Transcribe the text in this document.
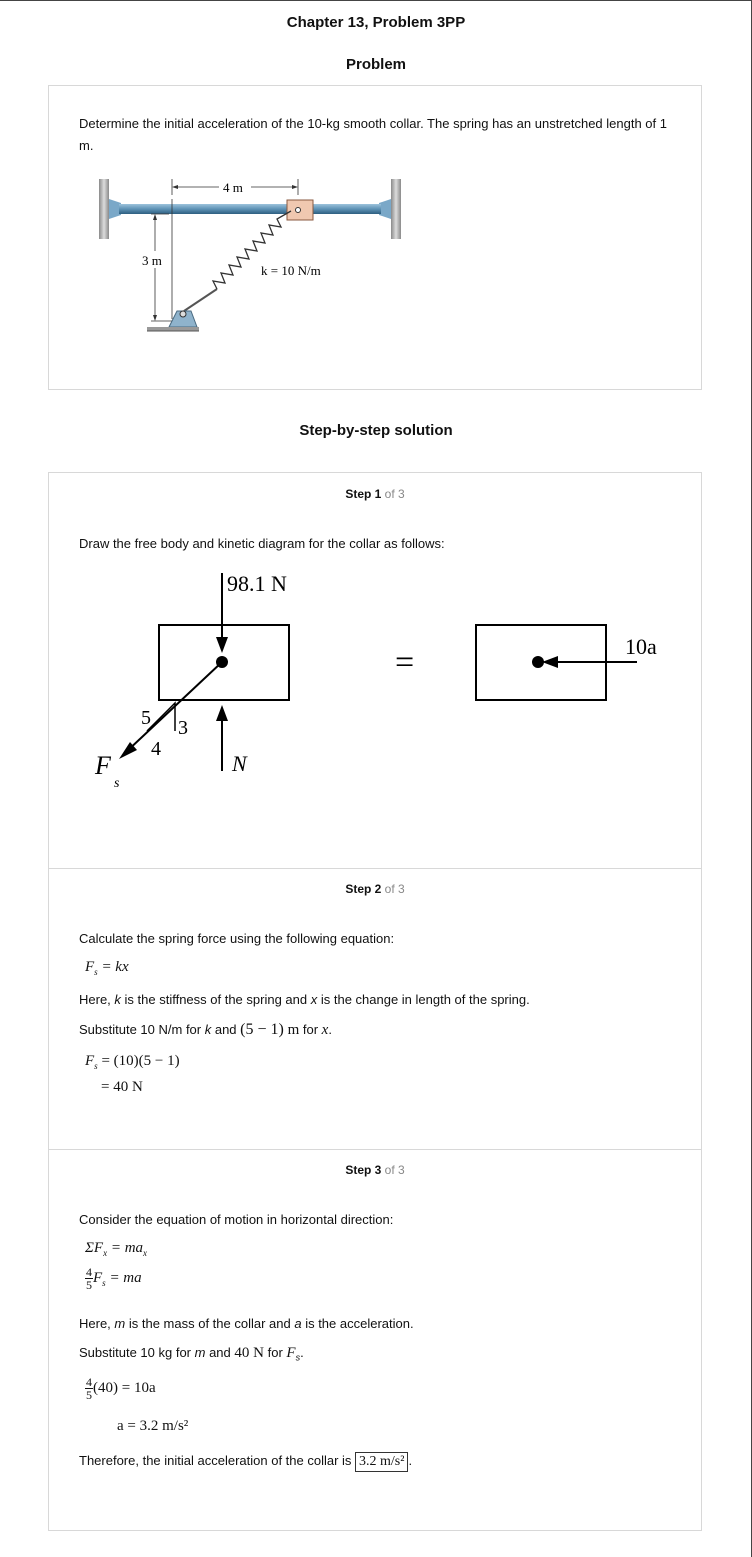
Chapter 13, Problem 3PP
Problem
Determine the initial acceleration of the 10-kg smooth collar. The spring has an unstretched length of 1 m.
4 m
3 m
k = 10 N/m
Step-by-step solution
Step 1 of 3
Draw the free body and kinetic diagram for the collar as follows:
98.1 N
5 3
4
F
s
N
=	10a
Step 2 of 3
Calculate the spring force using the following equation:
$F_s$ = kx
Here, k is the stiffness of the spring and x is the change in length of the spring.
Substitute 10 N/m for k and (5 − 1) m for x.
$F_s = (10)(5 - 1)$
= 40 N
Step 3 of 3
Consider the equation of motion in horizontal direction:
$\Sigma F_x = ma_x$
$\frac{4}{5} F_s$ = ma
Here, m is the mass of the collar and a is the acceleration.
Substitute 10 kg for m and 40 N for $F_s$.
$\frac{4}{5} (40) = 10a$
a = 3.2 m/s²
Therefore, the initial acceleration of the collar is 3.2 m/s² .
